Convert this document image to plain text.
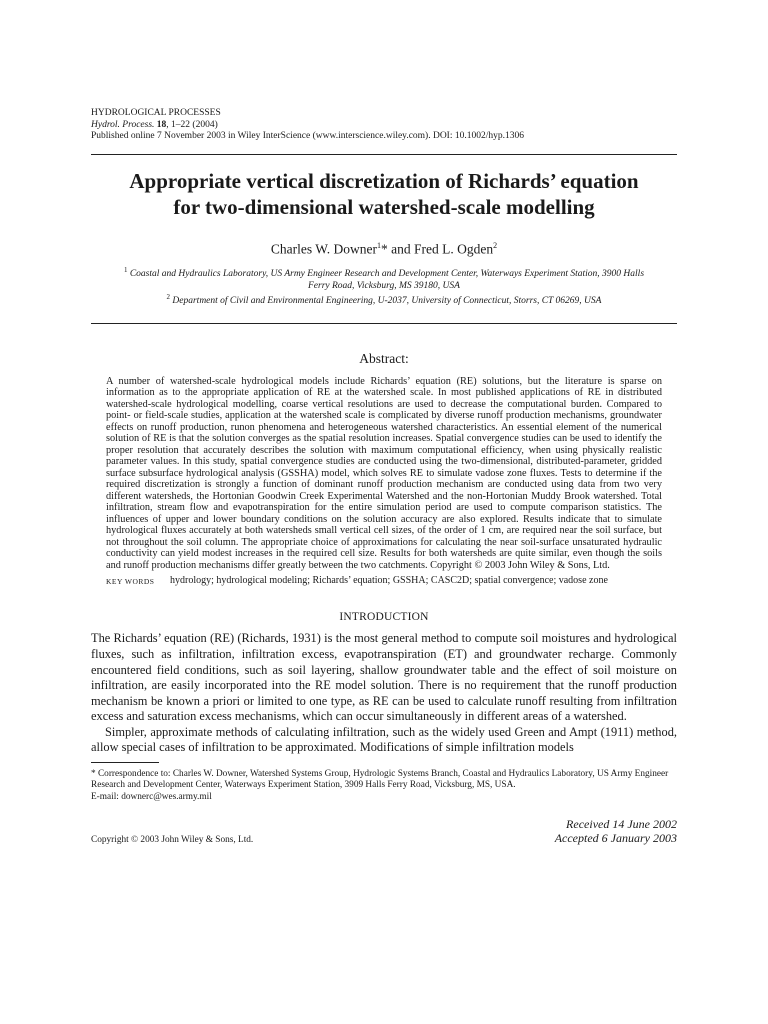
HYDROLOGICAL PROCESSES
Hydrol. Process. 18, 1–22 (2004)
Published online 7 November 2003 in Wiley InterScience (www.interscience.wiley.com). DOI: 10.1002/hyp.1306
Appropriate vertical discretization of Richards’ equation
for two-dimensional watershed-scale modelling
Charles W. Downer$^1$* and Fred L. Ogden$^2$
$^1$ Coastal and Hydraulics Laboratory, US Army Engineer Research and Development Center, Waterways Experiment Station, 3900 Halls
Ferry Road, Vicksburg, MS 39180, USA
$^2$ Department of Civil and Environmental Engineering, U-2037, University of Connecticut, Storrs, CT 06269, USA
Abstract:

A number of watershed-scale hydrological models include Richards’ equation (RE) solutions, but the literature is sparse on information as to the appropriate application of RE at the watershed scale. In most published applications of RE in distributed watershed-scale hydrological modelling, coarse vertical resolutions are used to decrease the computational burden. Compared to point- or field-scale studies, application at the watershed scale is complicated by diverse runoff production mechanisms, groundwater effects on runoff production, runon phenomena and heterogeneous watershed characteristics. An essential element of the numerical solution of RE is that the solution converges as the spatial resolution increases. Spatial convergence studies can be used to identify the proper resolution that accurately describes the solution with maximum computational efficiency, when using physically realistic parameter values. In this study, spatial convergence studies are conducted using the two-dimensional, distributed-parameter, gridded surface subsurface hydrological analysis (GSSHA) model, which solves RE to simulate vadose zone fluxes. Tests to determine if the required discretization is strongly a function of dominant runoff production mechanism are conducted using data from two very different watersheds, the Hortonian Goodwin Creek Experimental Watershed and the non-Hortonian Muddy Brook watershed. Total infiltration, stream flow and evapotranspiration for the entire simulation period are used to compute comparison statistics. The influences of upper and lower boundary conditions on the solution accuracy are also explored. Results indicate that to simulate hydrological fluxes accurately at both watersheds small vertical cell sizes, of the order of 1 cm, are required near the soil surface, but not throughout the soil column. The appropriate choice of approximations for calculating the near soil-surface unsaturated hydraulic conductivity can yield modest increases in the required cell size. Results for both watersheds are quite similar, even though the soils and runoff production mechanisms differ greatly between the two catchments. Copyright © 2003 John Wiley & Sons, Ltd.

KEY WORDS	hydrology; hydrological modeling; Richards’ equation; GSSHA; CASC2D; spatial convergence; vadose zone
INTRODUCTION

The Richards’ equation (RE) (Richards, 1931) is the most general method to compute soil moistures and hydrological fluxes, such as infiltration, infiltration excess, evapotranspiration (ET) and groundwater recharge. Commonly encountered field conditions, such as soil layering, shallow groundwater table and the effect of soil moisture on infiltration, are easily incorporated into the RE model solution. There is no requirement that the runoff production mechanism be known a priori or limited to one type, as RE can be used to calculate runoff resulting from infiltration excess and saturation excess mechanisms, which can occur simultaneously in different areas of a watershed.

Simpler, approximate methods of calculating infiltration, such as the widely used Green and Ampt (1911) method, allow special cases of infiltration to be approximated. Modifications of simple infiltration models

* Correspondence to: Charles W. Downer, Watershed Systems Group, Hydrologic Systems Branch, Coastal and Hydraulics Laboratory, US Army Engineer Research and Development Center, Waterways Experiment Station, 3909 Halls Ferry Road, Vicksburg, MS, USA.
E-mail: downerc@wes.army.mil
Copyright © 2003 John Wiley & Sons, Ltd.
Received 14 June 2002
Accepted 6 January 2003
